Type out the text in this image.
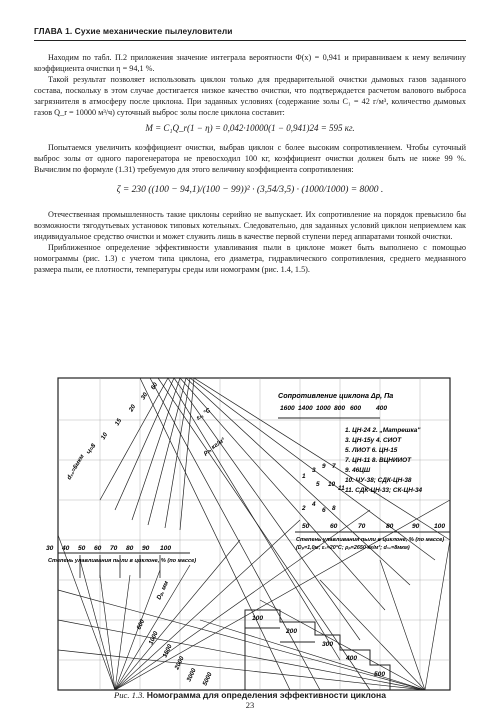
ГЛАВА 1. Сухие механические пылеуловители

Находим по табл. П.2 приложения значение интеграла вероятности Φ(x) = 0,941 и приравниваем к нему величину коэффициента очистки η = 94,1 %.

Такой результат позволяет использовать циклон только для предварительной очистки дымовых газов заданного состава, поскольку в этом случае достигается низкое качество очистки, что подтверждается расчетом валового выброса загрязнителя в атмосферу после циклона. При заданных условиях (содержание золы C₁ = 42 г/м³, количество дымовых газов Q_r = 10000 м³/ч) суточный выброс золы после циклона составит:

M = C₁Q_r(1 − η) = 0,042·10000(1 − 0,941)24 = 595 кг.

Попытаемся увеличить коэффициент очистки, выбрав циклон с более высоким сопротивлением. Чтобы суточный выброс золы от одного парогенератора не превосходил 100 кг, коэффициент очистки должен быть не ниже 99 %. Вычислим по формуле (1.31) требуемую для этого величину коэффициента сопротивления:

ζ = 230 ((100 − 94,1)/(100 − 99))² · (3,54/3,5) · (1000/1000) = 8000 .

Отечественная промышленность такие циклоны серийно не выпускает. Их сопротивление на порядок превысило бы возможности тягодутьевых установок типовых котельных. Следовательно, для заданных условий циклон неприемлем как индивидуальное средство очистки и может служить лишь в качестве первой ступени перед аппаратами тонкой очистки.

Приближенное определение эффективности улавливания пыли в циклоне может быть выполнено с помощью номограммы (рис. 1.3) с учетом типа циклона, его диаметра, гидравлического сопротивления, среднего медианного размера пыли, ее плотности, температуры среды или номограмм (рис. 1.4, 1.5).

Сопротивление циклона Δр, Па
1600 1400 1000 800 600 400
1. ЦН-24 2. „Матрешка"
3. ЦН-15у 4. СИОТ
5. ЛИОТ 6. ЦН-15
7. ЦН-11 8. ВЦНИИОТ
9. 46ЦШ
10. ЧУ-38; СДК-ЦН-38
11. СДК-ЦН-33; СК-ЦН-34
1
3
9 7
5 10
11
2
4
6 8
50	60	70	80	90 100
Степень улавливания пыли в циклоне, % (по массе)
(Dₚ=1,0м; ε₀=20°C; ρₚ=2650 кг/м³; d₅₀=8мкм)
30 40 50 60 70 80 90 100
Степень улавливания пыли в циклоне, % (по массе)
d₅₀=6мкм
Ч=8
10
15
20
30
60
ρₚ, кг/м³
εₓ, °C
Dₚ, мм
600
1000
1500
2000
3000 5000
100
200
300
400
500
Рис. 1.3. Номограмма для определения эффективности циклона
23
